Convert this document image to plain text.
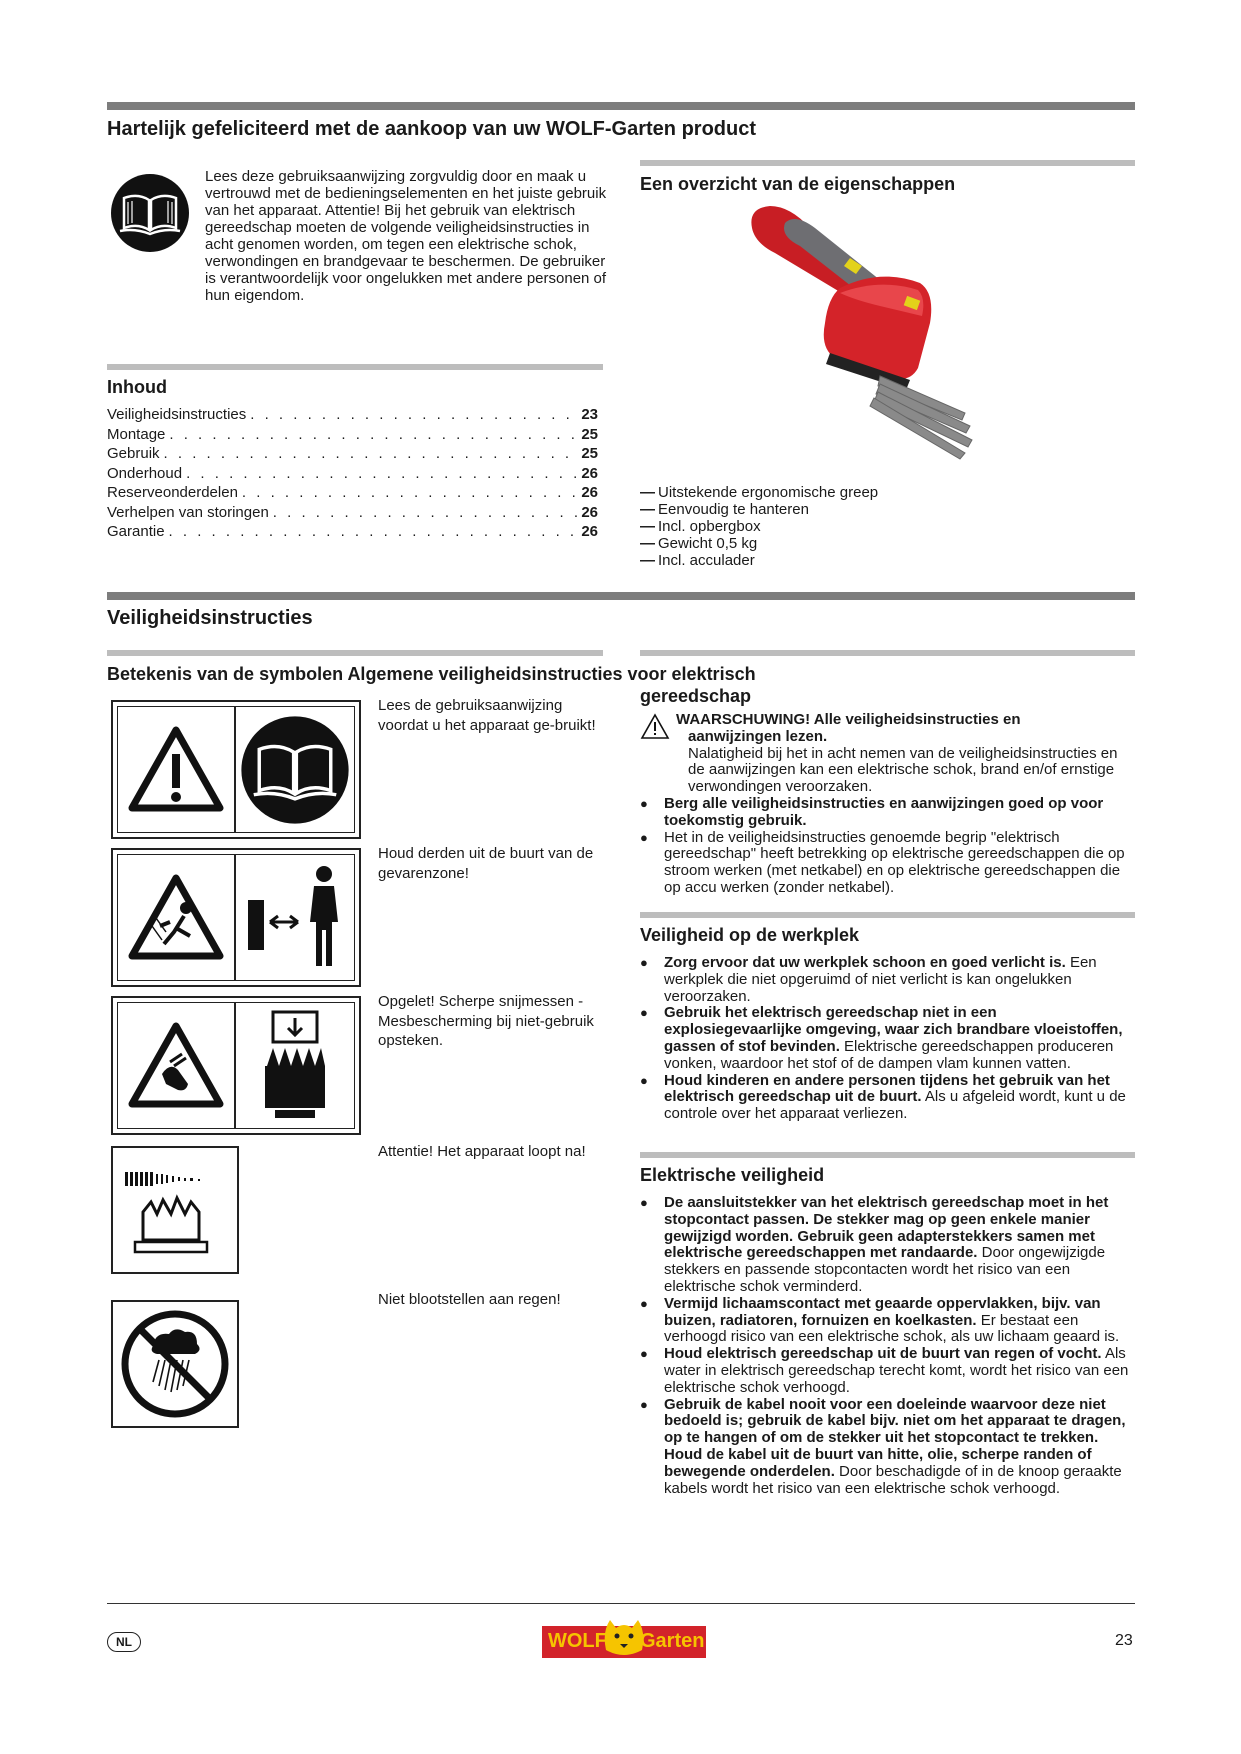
Hartelijk gefeliciteerd met de aankoop van uw WOLF-Garten product
Lees deze gebruiksaanwijzing zorgvuldig door en maak u vertrouwd met de bedieningselementen en het juiste gebruik van het apparaat. Attentie! Bij het gebruik van elektrisch gereedschap moeten de volgende veiligheidsinstructies in acht genomen worden, om tegen een elektrische schok, verwondingen en brandgevaar te beschermen. De gebruiker is verantwoordelijk voor ongelukken met andere personen of hun eigendom.
Inhoud
Veiligheidsinstructies . . .	23
Montage . . .	25
Gebruik . . .	25
Onderhoud . . .	26
Reserveonderdelen . . .	26
Verhelpen van storingen . . .	26
Garantie . . .	26
Een overzicht van de eigenschappen
— Uitstekende ergonomische greep
— Eenvoudig te hanteren
— Incl. opbergbox
— Gewicht 0,5 kg
— Incl. acculader
Veiligheidsinstructies
Betekenis van de symbolen Algemene veiligheidsinstructies voor elektrisch
gereedschap
Lees de gebruiksaanwijzing voordat u het apparaat ge-bruikt!
Houd derden uit de buurt van de gevarenzone!
Opgelet! Scherpe snijmessen - Mesbescherming bij niet-gebruik opsteken.
Attentie! Het apparaat loopt na!
Niet blootstellen aan regen!
WAARSCHUWING! Alle veiligheidsinstructies en
aanwijzingen lezen.
Nalatigheid bij het in acht nemen van de veiligheidsinstructies en de aanwijzingen kan een elektrische schok, brand en/of ernstige verwondingen veroorzaken.
● Berg alle veiligheidsinstructies en aanwijzingen goed op voor toekomstig gebruik.
● Het in de veiligheidsinstructies genoemde begrip "elektrisch gereedschap" heeft betrekking op elektrische gereedschappen die op stroom werken (met netkabel) en op elektrische gereedschappen die op accu werken (zonder netkabel).
Veiligheid op de werkplek
● Zorg ervoor dat uw werkplek schoon en goed verlicht is. Een werkplek die niet opgeruimd of niet verlicht is kan ongelukken veroorzaken.
● Gebruik het elektrisch gereedschap niet in een explosiegevaarlijke omgeving, waar zich brandbare vloeistoffen, gassen of stof bevinden. Elektrische gereedschappen produceren vonken, waardoor het stof of de dampen vlam kunnen vatten.
● Houd kinderen en andere personen tijdens het gebruik van het elektrisch gereedschap uit de buurt. Als u afgeleid wordt, kunt u de controle over het apparaat verliezen.
Elektrische veiligheid
● De aansluitstekker van het elektrisch gereedschap moet in het stopcontact passen. De stekker mag op geen enkele manier gewijzigd worden. Gebruik geen adapterstekkers samen met elektrische gereedschappen met randaarde. Door ongewijzigde stekkers en passende stopcontacten wordt het risico van een elektrische schok verminderd.
● Vermijd lichaamscontact met geaarde oppervlakken, bijv. van buizen, radiatoren, fornuizen en koelkasten. Er bestaat een verhoogd risico van een elektrische schok, als uw lichaam geaard is.
● Houd elektrisch gereedschap uit de buurt van regen of vocht. Als water in elektrisch gereedschap terecht komt, wordt het risico van een elektrische schok verhoogd.
● Gebruik de kabel nooit voor een doeleinde waarvoor deze niet bedoeld is; gebruik de kabel bijv. niet om het apparaat te dragen, op te hangen of om de stekker uit het stopcontact te trekken. Houd de kabel uit de buurt van hitte, olie, scherpe randen of bewegende onderdelen. Door beschadigde of in de knoop geraakte kabels wordt het risico van een elektrische schok verhoogd.
NL	WOLF Garten	23
